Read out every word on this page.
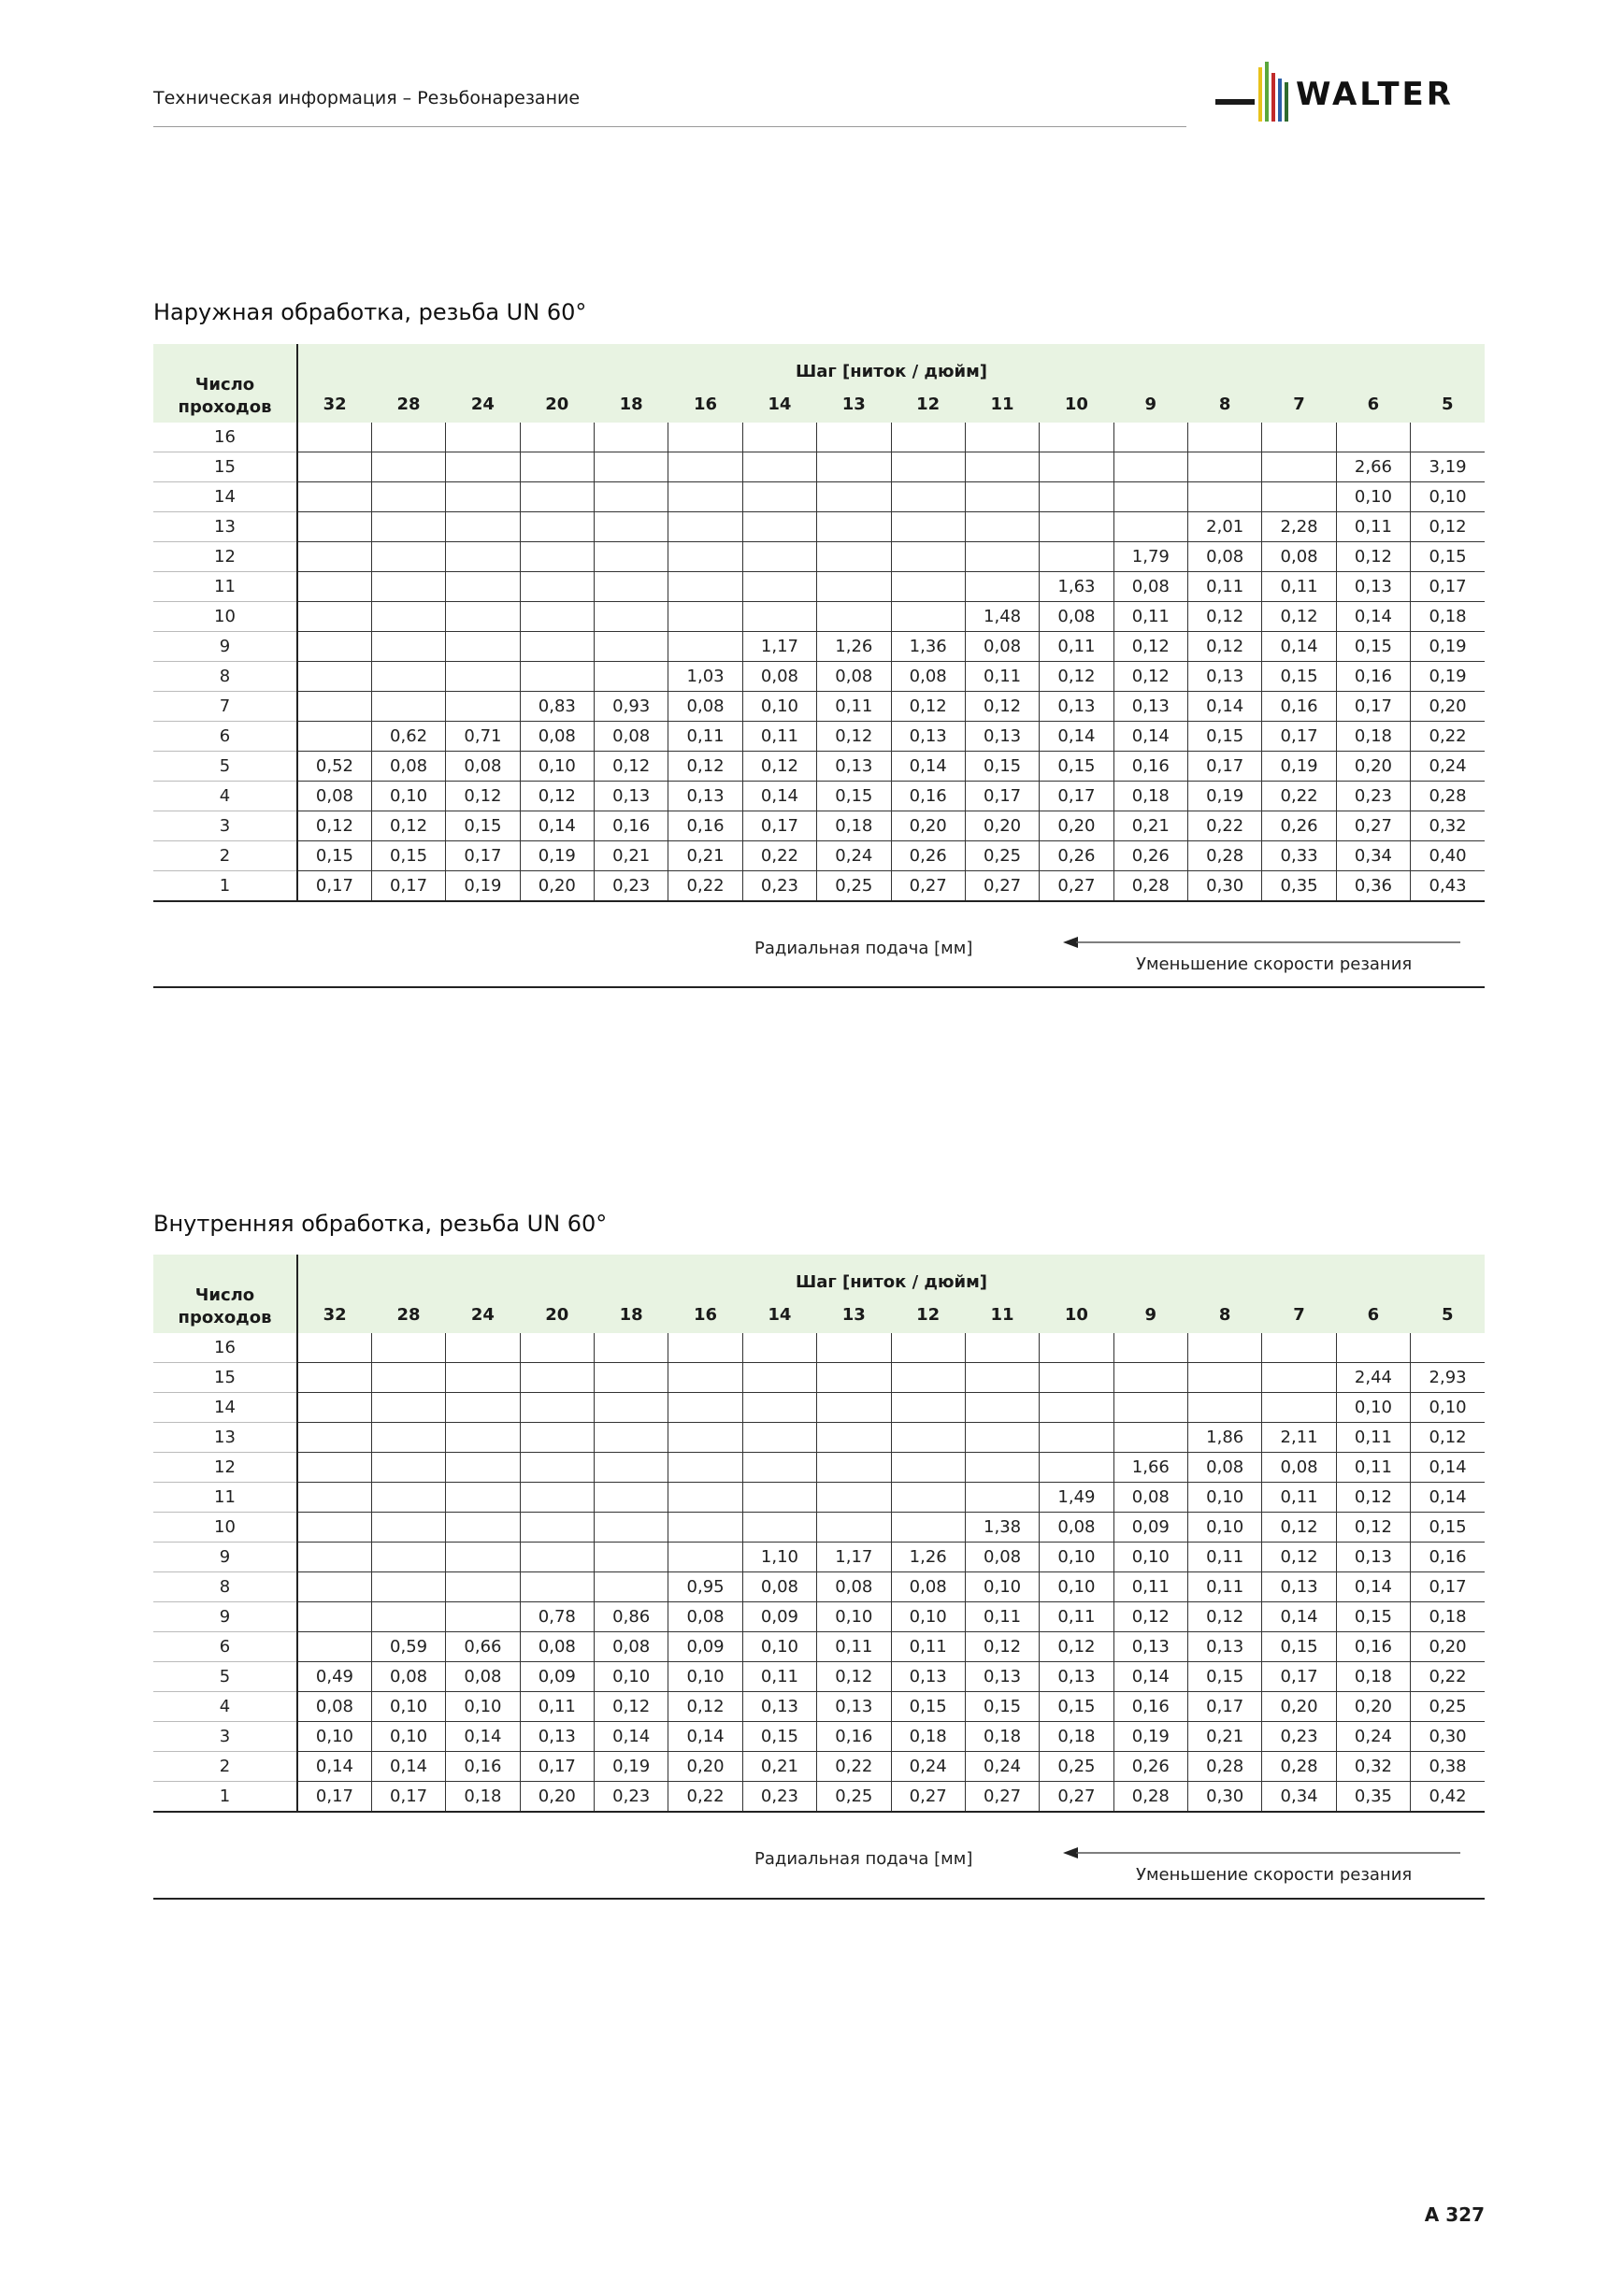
Техническая информация – Резьбонарезание	WALTER
Наружная обработка, резьба UN 60°
Число
проходов	Шаг [ниток / дюйм]															
	32	28	24	20	18	16	14	13	12	11	10	9	8	7	6	5
16																
15															2,66	3,19
14															0,10	0,10
13													2,01	2,28	0,11	0,12
12												1,79	0,08	0,08	0,12	0,15
11											1,63	0,08	0,11	0,11	0,13	0,17
10										1,48	0,08	0,11	0,12	0,12	0,14	0,18
9							1,17	1,26	1,36	0,08	0,11	0,12	0,12	0,14	0,15	0,19
8						1,03	0,08	0,08	0,08	0,11	0,12	0,12	0,13	0,15	0,16	0,19
7				0,83	0,93	0,08	0,10	0,11	0,12	0,12	0,13	0,13	0,14	0,16	0,17	0,20
6		0,62	0,71	0,08	0,08	0,11	0,11	0,12	0,13	0,13	0,14	0,14	0,15	0,17	0,18	0,22
5	0,52	0,08	0,08	0,10	0,12	0,12	0,12	0,13	0,14	0,15	0,15	0,16	0,17	0,19	0,20	0,24
4	0,08	0,10	0,12	0,12	0,13	0,13	0,14	0,15	0,16	0,17	0,17	0,18	0,19	0,22	0,23	0,28
3	0,12	0,12	0,15	0,14	0,16	0,16	0,17	0,18	0,20	0,20	0,20	0,21	0,22	0,26	0,27	0,32
2	0,15	0,15	0,17	0,19	0,21	0,21	0,22	0,24	0,26	0,25	0,26	0,26	0,28	0,33	0,34	0,40
1	0,17	0,17	0,19	0,20	0,23	0,22	0,23	0,25	0,27	0,27	0,27	0,28	0,30	0,35	0,36	0,43
Радиальная подача [мм]
Уменьшение скорости резания
Внутренняя обработка, резьба UN 60°
Число
проходов	Шаг [ниток / дюйм]															
	32	28	24	20	18	16	14	13	12	11	10	9	8	7	6	5
16																
15															2,44	2,93
14															0,10	0,10
13													1,86	2,11	0,11	0,12
12												1,66	0,08	0,08	0,11	0,14
11											1,49	0,08	0,10	0,11	0,12	0,14
10										1,38	0,08	0,09	0,10	0,12	0,12	0,15
9							1,10	1,17	1,26	0,08	0,10	0,10	0,11	0,12	0,13	0,16
8						0,95	0,08	0,08	0,08	0,10	0,10	0,11	0,11	0,13	0,14	0,17
9				0,78	0,86	0,08	0,09	0,10	0,10	0,11	0,11	0,12	0,12	0,14	0,15	0,18
6		0,59	0,66	0,08	0,08	0,09	0,10	0,11	0,11	0,12	0,12	0,13	0,13	0,15	0,16	0,20
5	0,49	0,08	0,08	0,09	0,10	0,10	0,11	0,12	0,13	0,13	0,13	0,14	0,15	0,17	0,18	0,22
4	0,08	0,10	0,10	0,11	0,12	0,12	0,13	0,13	0,15	0,15	0,15	0,16	0,17	0,20	0,20	0,25
3	0,10	0,10	0,14	0,13	0,14	0,14	0,15	0,16	0,18	0,18	0,18	0,19	0,21	0,23	0,24	0,30
2	0,14	0,14	0,16	0,17	0,19	0,20	0,21	0,22	0,24	0,24	0,25	0,26	0,28	0,28	0,32	0,38
1	0,17	0,17	0,18	0,20	0,23	0,22	0,23	0,25	0,27	0,27	0,27	0,28	0,30	0,34	0,35	0,42
Радиальная подача [мм]
Уменьшение скорости резания
A 327
